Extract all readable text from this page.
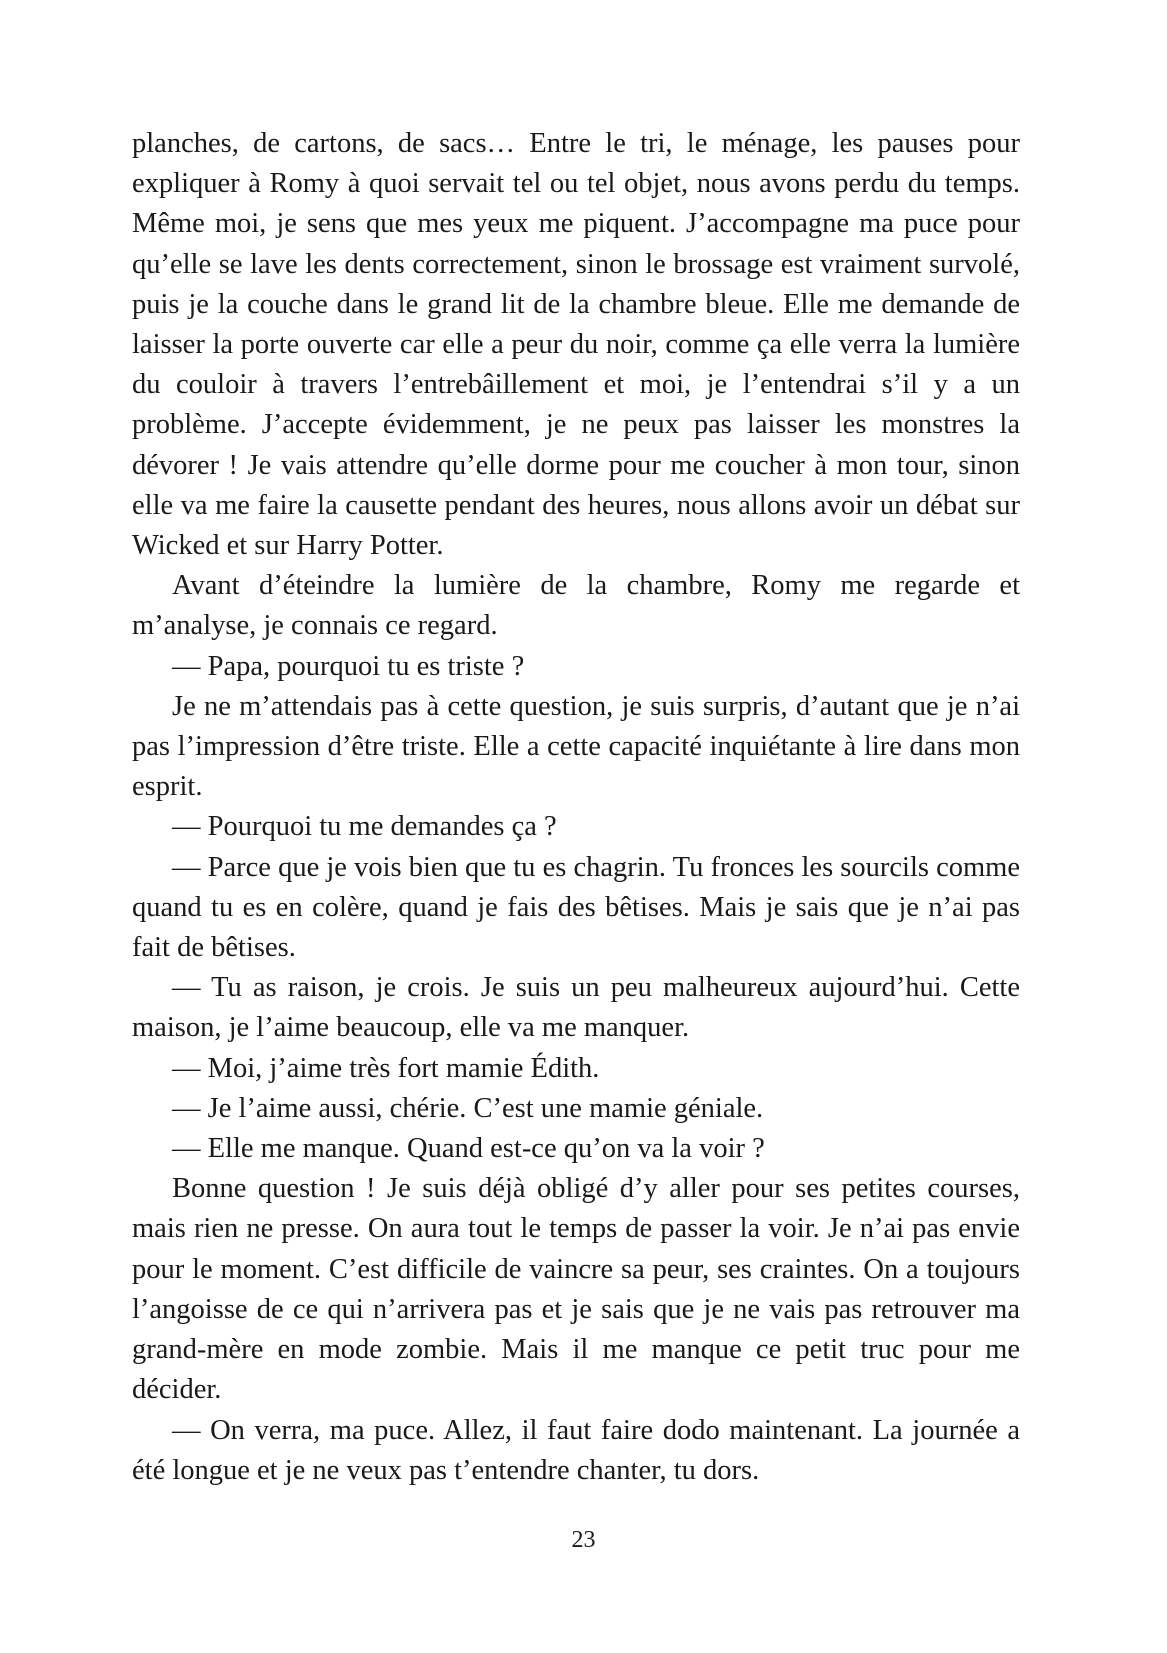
planches, de cartons, de sacs… Entre le tri, le ménage, les pauses pour expliquer à Romy à quoi servait tel ou tel objet, nous avons perdu du temps. Même moi, je sens que mes yeux me piquent. J’accompagne ma puce pour qu’elle se lave les dents correctement, sinon le brossage est vraiment survolé, puis je la couche dans le grand lit de la chambre bleue. Elle me demande de laisser la porte ouverte car elle a peur du noir, comme ça elle verra la lumière du couloir à travers l’entrebâillement et moi, je l’entendrai s’il y a un problème. J’accepte évidemment, je ne peux pas laisser les monstres la dévorer ! Je vais attendre qu’elle dorme pour me coucher à mon tour, sinon elle va me faire la causette pendant des heures, nous allons avoir un débat sur Wicked et sur Harry Potter.

Avant d’éteindre la lumière de la chambre, Romy me regarde et m’analyse, je connais ce regard.

— Papa, pourquoi tu es triste ?

Je ne m’attendais pas à cette question, je suis surpris, d’autant que je n’ai pas l’impression d’être triste. Elle a cette capacité inquiétante à lire dans mon esprit.

— Pourquoi tu me demandes ça ?

— Parce que je vois bien que tu es chagrin. Tu fronces les sourcils comme quand tu es en colère, quand je fais des bêtises. Mais je sais que je n’ai pas fait de bêtises.

— Tu as raison, je crois. Je suis un peu malheureux aujourd’hui. Cette maison, je l’aime beaucoup, elle va me manquer.

— Moi, j’aime très fort mamie Édith.

— Je l’aime aussi, chérie. C’est une mamie géniale.

— Elle me manque. Quand est-ce qu’on va la voir ?

Bonne question ! Je suis déjà obligé d’y aller pour ses petites courses, mais rien ne presse. On aura tout le temps de passer la voir. Je n’ai pas envie pour le moment. C’est difficile de vaincre sa peur, ses craintes. On a toujours l’angoisse de ce qui n’arrivera pas et je sais que je ne vais pas retrouver ma grand-mère en mode zombie. Mais il me manque ce petit truc pour me décider.

— On verra, ma puce. Allez, il faut faire dodo maintenant. La journée a été longue et je ne veux pas t’entendre chanter, tu dors.

23
